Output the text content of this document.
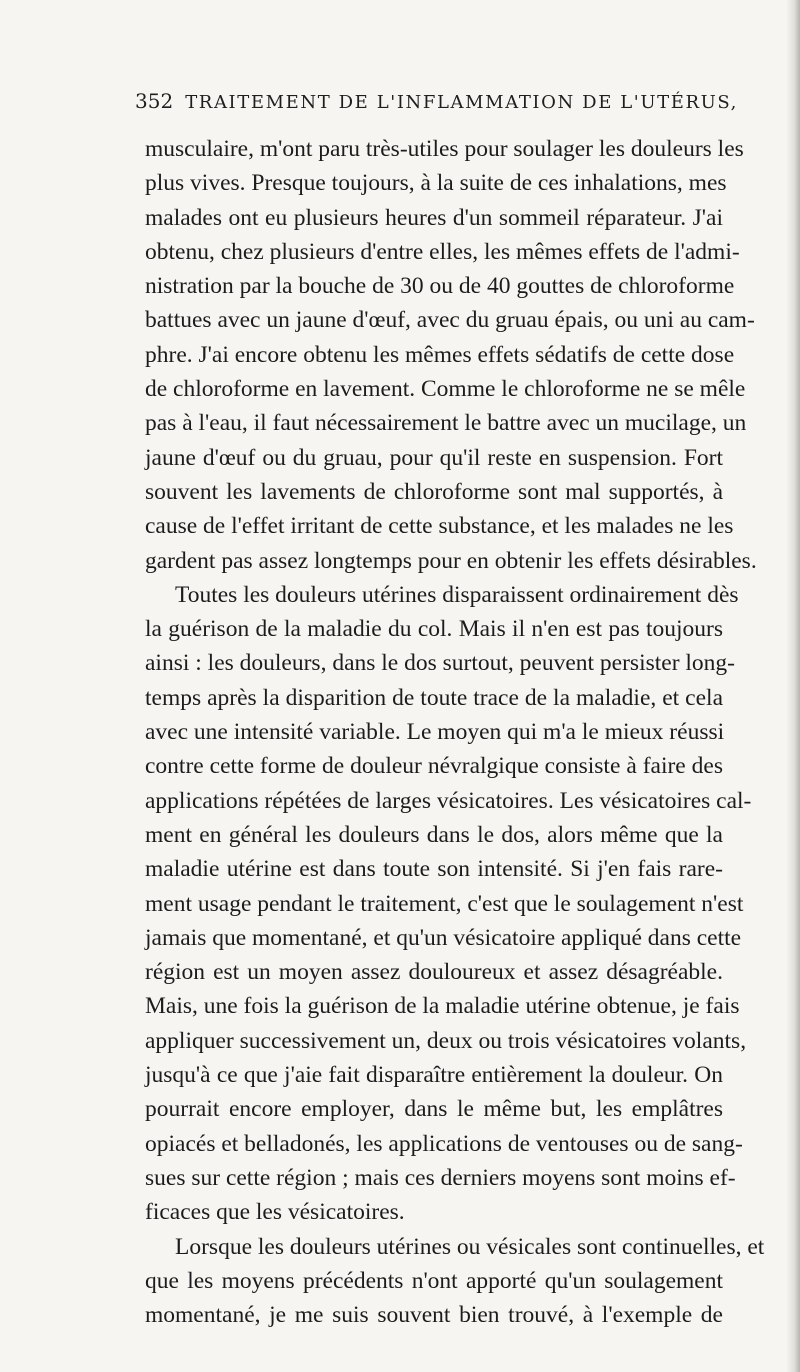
352 TRAITEMENT DE L'INFLAMMATION DE L'UTÉRUS,
musculaire, m'ont paru très-utiles pour soulager les douleurs les
plus vives. Presque toujours, à la suite de ces inhalations, mes
malades ont eu plusieurs heures d'un sommeil réparateur. J'ai
obtenu, chez plusieurs d'entre elles, les mêmes effets de l'admi-
nistration par la bouche de 30 ou de 40 gouttes de chloroforme
battues avec un jaune d'œuf, avec du gruau épais, ou uni au cam-
phre. J'ai encore obtenu les mêmes effets sédatifs de cette dose
de chloroforme en lavement. Comme le chloroforme ne se mêle
pas à l'eau, il faut nécessairement le battre avec un mucilage, un
jaune d'œuf ou du gruau, pour qu'il reste en suspension. Fort
souvent les lavements de chloroforme sont mal supportés, à
cause de l'effet irritant de cette substance, et les malades ne les
gardent pas assez longtemps pour en obtenir les effets désirables.
Toutes les douleurs utérines disparaissent ordinairement dès
la guérison de la maladie du col. Mais il n'en est pas toujours
ainsi : les douleurs, dans le dos surtout, peuvent persister long-
temps après la disparition de toute trace de la maladie, et cela
avec une intensité variable. Le moyen qui m'a le mieux réussi
contre cette forme de douleur névralgique consiste à faire des
applications répétées de larges vésicatoires. Les vésicatoires cal-
ment en général les douleurs dans le dos, alors même que la
maladie utérine est dans toute son intensité. Si j'en fais rare-
ment usage pendant le traitement, c'est que le soulagement n'est
jamais que momentané, et qu'un vésicatoire appliqué dans cette
région est un moyen assez douloureux et assez désagréable.
Mais, une fois la guérison de la maladie utérine obtenue, je fais
appliquer successivement un, deux ou trois vésicatoires volants,
jusqu'à ce que j'aie fait disparaître entièrement la douleur. On
pourrait encore employer, dans le même but, les emplâtres
opiacés et belladonés, les applications de ventouses ou de sang-
sues sur cette région ; mais ces derniers moyens sont moins ef-
ficaces que les vésicatoires.
Lorsque les douleurs utérines ou vésicales sont continuelles, et
que les moyens précédents n'ont apporté qu'un soulagement
momentané, je me suis souvent bien trouvé, à l'exemple de
